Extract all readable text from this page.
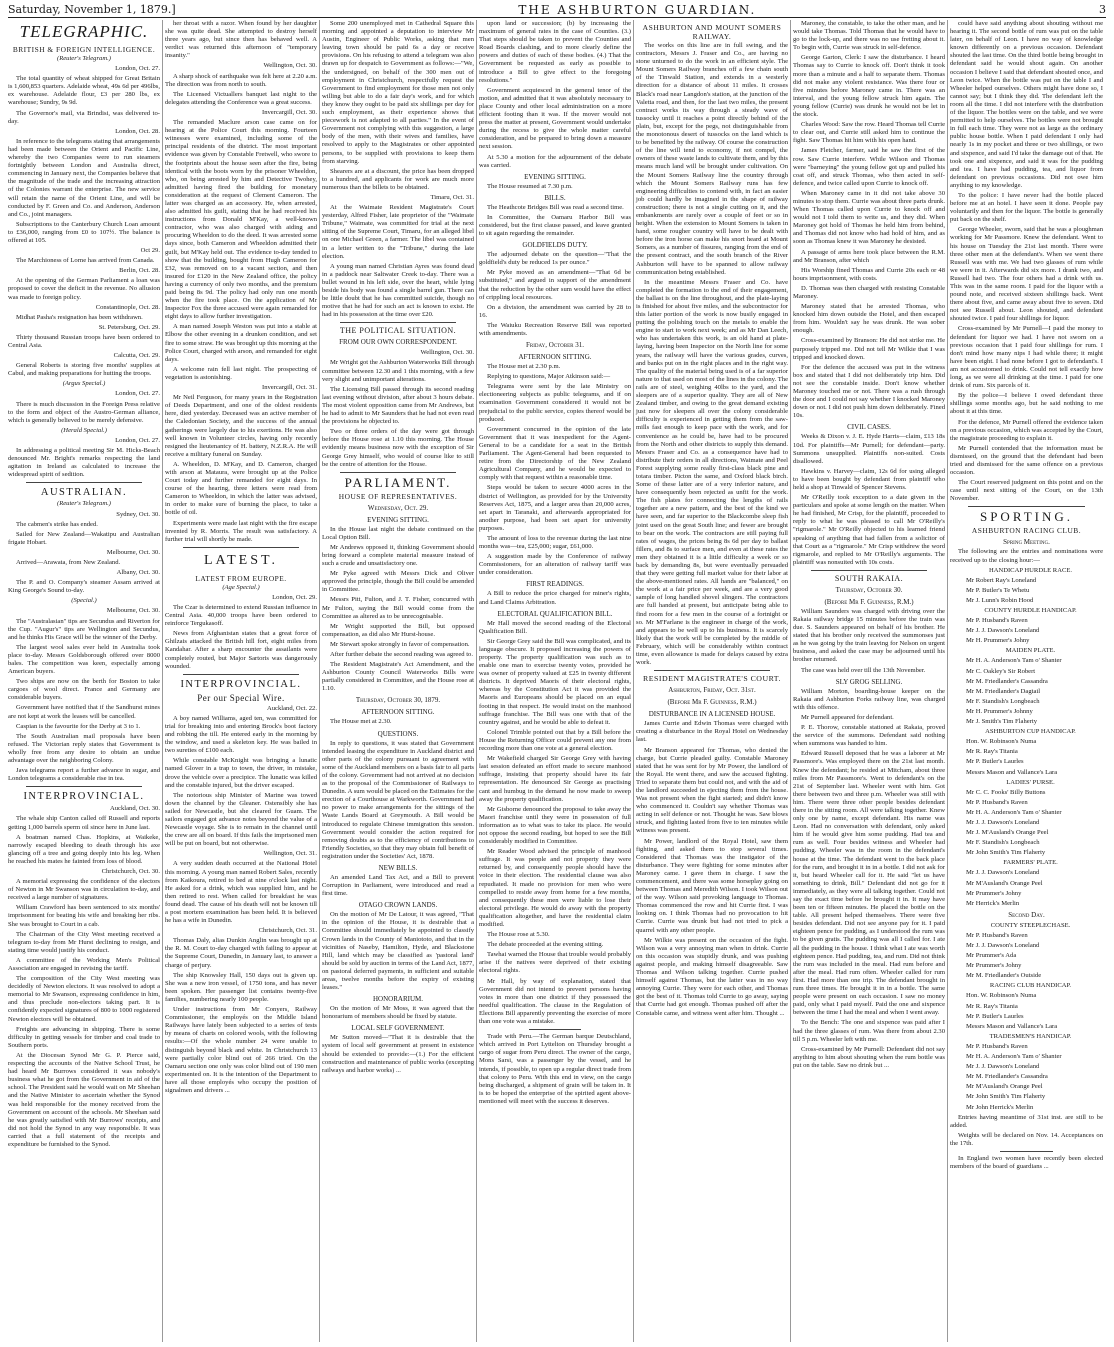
Saturday, November 1, 1879.]	THE ASHBURTON GUARDIAN.	3
TELEGRAPHIC.
BRITISH & FOREIGN INTELLIGENCE.

(Reuter's Telegram.)

London, Oct. 27.

The total quantity of wheat shipped for Great Britain is 1,600,853 quarters. Adelaide wheat, 49s 6d per 496lbs, ex warehouse. Adelaide flour, £3 per 280 lbs, ex warehouse; Sundry, 9s 9d.

The Governor's mail, via Brindisi, was delivered to-day.

London, Oct. 28.

In reference to the telegrams stating that arrangements had been made between the Orient and Pacific Line, whereby the two Companies were to run steamers fortnightly between London and Australia direct, commencing in January next, the Companies believe that the magnitude of the trade and the increasing attraction of the Colonies warrant the enterprise. The new service will retain the name of the Orient Line, and will be conducted by F. Green and Co. and Anderson, Anderson and Co., joint managers.

Subscriptions to the Canterbury Church Loan amount to £36,000, ranging from £0 to 107½. The balance is offered at 105.

Oct 29.

The Marchioness of Lorne has arrived from Canada.

Berlin, Oct. 28.

At the opening of the German Parliament a loan was proposed to cover the deficit in the revenue. No allusion was made to foreign policy.

Constantinople, Oct. 28.

Midhat Pasha's resignation has been withdrawn.

St. Petersburg, Oct. 29.

Thirty thousand Russian troops have been ordered to Central Asia.

Calcutta, Oct. 29.

General Roberts is storing five months' supplies at Cabul, and making preparations for hutting the troops.

(Argus Special.)

London, Oct. 27.

There is much discussion in the Foreign Press relative to the form and object of the Austro-German alliance, which is generally believed to be merely defensive.

(Herald Special.)

London, Oct. 27.

In addressing a political meeting Sir M. Hicks-Beach denounced Mr. Bright's remarks respecting the land agitation in Ireland as calculated to increase the widespread spirit of sedition.

AUSTRALIAN.

(Reuter's Telegram.)

Sydney, Oct. 30.

The cabmen's strike has ended.

Sailed for New Zealand—Wakatipu and Australian frigate Hobart.

Melbourne, Oct. 30.

Arrived—Arawata, from New Zealand.

Albany, Oct. 30.

The P. and O. Company's steamer Assam arrived at King George's Sound to-day.

(Special.)

Melbourne, Oct. 30.

The "Australasian" tips are Secundus and Riverton for the Cup. "Augur's" tips are Wellington and Secundus, and he thinks His Grace will be the winner of the Derby.

The largest wool sales ever held in Australia took place to-day. Messrs Goldsborough offered over 8000 bales. The competition was keen, especially among American buyers.

Two ships are now on the berth for Boston to take cargoes of wool direct. France and Germany are considerable buyers.

Government have notified that if the Sandhurst mines are not kept at work the leases will be cancelled.

Caspian is the favourite for the Derby at 3 to 1.

The South Australian mail proposals have been refused. The Victorian reply states that Government is wholly free from any desire to obtain an undue advantage over the neighboring Colony.

Java telegrams report a further advance in sugar, and London telegrams a considerable rise in tea.

INTERPROVINCIAL.

Auckland, Oct. 30.

The whale ship Canton called off Russell and reports getting 1,000 barrels sperm oil since here in June last.

A boatman named Chas. Hopkins, at Waikeke, narrowly escaped bleeding to death through his axe glancing off a tree and going deeply into his leg. When he reached his mates he fainted from loss of blood.

Christchurch, Oct. 30.

A memorial expressing the confidence of the electors of Newton in Mr Swanson was in circulation to-day, and received a large number of signatures.

William Crawford has been sentenced to six months' imprisonment for beating his wife and breaking her ribs. She was brought to Court in a cab.

The Chairman of the City West meeting received a telegram to-day from Mr Hurst declining to resign, and stating time would justify his conduct.

A committee of the Working Men's Political Association are engaged in revising the tariff.

The composition of the City West meeting was decidedly of Newton electors. It was resolved to adopt a memorial to Mr Swanson, expressing confidence in him, and thus preclude non-electors taking part. It is confidently expected signatures of 800 to 1000 registered Newton electors will be obtained.

Freights are advancing in shipping. There is some difficulty in getting vessels for timber and coal trade to Southern ports.

At the Diocesan Synod Mr G. P. Pierce said, respecting the accounts of the Native School Trust, he had heard Mr Burrows considered it was nobody's business what he got from the Government in aid of the school. The President said he would wait on Mr Sheehan and the Native Minister to ascertain whether the Synod was held responsible for the money received from the Government on account of the schools. Mr Sheehan said he was greatly satisfied with Mr Burrows' receipts, and did not hold the Synod in any way responsible. It was carried that a full statement of the receipts and expenditure be furnished to the Synod.

her throat with a razor. When found by her daughter she was quite dead. She attempted to destroy herself three years ago, but since then has behaved well. A verdict was returned this afternoon of "temporary insanity."

Wellington, Oct. 30.

A sharp shock of earthquake was felt here at 2.20 a.m. The direction was from north to south.

The Licensed Victuallers banquet last night to the delegates attending the Conference was a great success.

Invercargill, Oct. 30.

The remanded Maclure arson case came on for hearing at the Police Court this morning. Fourteen witnesses were examined, including some of the principal residents of the district. The most important evidence was given by Constable Fretwell, who swore to the footprints about the house seen after the fire, being identical with the boots worn by the prisoner Wheeldon, who, on being arrested by him and Detective Twohey, admitted having fired the building for monetary consideration at the request of Clement Cameron. The latter was charged as an accessory. He, when arrested, also admitted his guilt, stating that he had received his instructions from Donald M'Kay, a well-known contractor, who was also charged with aiding and procuring Wheeldon to do the deed. It was arrested some days since, both Cameron and Wheeldon admitted their guilt, but M'Kay held out. The evidence to-day tended to show that the building, bought from Hugh Cameron for £32, was removed on to a vacant section, and then insured for £120 in the New Zealand office, the policy having a currency of only two months, and the premium paid being 8s 9d. The policy had only run one month when the fire took place. On the application of Mr Inspector Fox the three accused were again remanded for eight days to allow further investigation.

A man named Joseph Weston was put into a stable at Elbow the other evening in a drunken condition, and set fire to some straw. He was brought up this morning at the Police Court, charged with arson, and remanded for eight days.

A welcome rain fell last night. The prospecting of vegetation is astonishing.

Invercargill, Oct. 31.

Mr Neil Ferguson, for many years in the Registration of Deeds Department, and one of the oldest residents here, died yesterday. Deceased was an active member of the Caledonian Society, and the success of the annual gatherings were largely due to his exertions. He was also well known in Volunteer circles, having only recently resigned the lieutenantcy of H. battery, N.Z.R.A. He will receive a military funeral on Sunday.

A. Wheeldon, D. M'Kay, and D. Cameron, charged with arson at Mataura, were brought up at the Police Court today and further remanded for eight days. In course of the hearing, three letters were read from Cameron to Wheeldon, in which the latter was advised, in order to make sure of burning the place, to take a bottle of oil.

Experiments were made last night with the fire escape invented by R. Morris. The result was satisfactory. A further trial will shortly be made.

LATEST.
LATEST FROM EUROPE.

(Age Special.)

London, Oct. 29.

The Czar is determined to extend Russian influence in Central Asia. 40,000 troops have been ordered to reinforce Tergukasoff.

News from Afghanistan states that a great force of Ghilzais attacked the British hill fort, eight miles from Kandahar. After a sharp encounter the assailants were completely routed, but Major Sartoris was dangerously wounded.

INTERPROVINCIAL.
Per our Special Wire.

Auckland, Oct. 22.

A boy named Williams, aged ten, was committed for trial for breaking into and entering Brock's boot factory and robbing the till. He entered early in the morning by the window, and used a skeleton key. He was bailed in two sureties of £100 each.

While constable McKnight was bringing a lunatic named Glover in a trap to town, the driver, in mistake, drove the vehicle over a precipice. The lunatic was killed and the constable injured, but the driver escaped.

The notorious ship Minister of Marine was towed down the channel by the Gleaner. Ostensibly she has sailed for Newcastle, but she cleared for Guam. The sailors engaged got advance notes beyond the value of a Newcastle voyage. She is to remain in the channel until the crew are all on board. If this fails the imprisoned men will be put on board, but not otherwise.

Wellington, Oct. 31.

A very sudden death occurred at the National Hotel this morning. A young man named Robert Sales, recently from Kaikoura, retired to bed at nine o'clock last night. He asked for a drink, which was supplied him, and he then retired to rest. When called for breakfast he was found dead. The cause of his death will not be known till a post mortem examination has been held. It is believed he has a wife in Dunedin.

Christchurch, Oct. 31.

Thomas Daly, alias Dunkin Anglin was brought up at the R. M. Court to-day charged with failing to appear at the Supreme Court, Dunedin, in January last, to answer a charge of perjury.

The ship Knowsley Hall, 150 days out is given up. She was a new iron vessel, of 1750 tons, and has never been spoken. Her passenger list contains twenty-five families, numbering nearly 100 people.

Under instructions from Mr Conyers, Railway Commissioner, the employés on the Middle Island Railways have lately been subjected to a series of tests by means of charts on colored wools, with the following results:—Of the whole number 24 were unable to distinguish beyond black and white. In Christchurch 13 were partially color blind out of 266 tried. On the Oamaru section one only was color blind out of 190 men experimented on. It is the intention of the Department to have all those employés who occupy the position of signalmen and drivers ...

Some 200 unemployed met in Cathedral Square this morning and appointed a deputation to interview Mr Austin, Engineer of Public Works, asking that men leaving town should be paid 6s a day or receive provisions. On his refusing to attend a telegram was also drawn up for despatch to Government as follows:—"We, the undersigned, on behalf of the 300 men out of employment in Christchurch, respectfully request the Government to find employment for those men not only willing but able to do a fair day's work, and for which they know they ought to be paid six shillings per day for such employment, as their experience shows that piecework is not adapted to all parties." In the event of Government not complying with this suggestion, a large body of the men, with their wives and families, have resolved to apply to the Magistrates or other appointed persons, to be supplied with provisions to keep them from starving.

Shearers are at a discount, the price has been dropped to a hundred, and applicants for work are much more numerous than the billets to be obtained.

Timaru, Oct. 31.

At the Waimate Resident Magistrate's Court yesterday, Alfred Fisher, late proprietor of the "Waimate Tribune," Waimate, was committed for trial at the next sitting of the Supreme Court, Timaru, for an alleged libel on one Michael Green, a farmer. The libel was contained in a letter written to the "Tribune," during the late election.

A young man named Christian Ayres was found dead in a paddock near Saltwater Creek to-day. There was a bullet wound in his left side, over the heart, while lying beside his body was found a single barrel gun. There can be little doubt that he has committed suicide, though no motive that he had for such an act is known to exist. He had in his possession at the time over £20.

THE POLITICAL SITUATION.
FROM OUR OWN CORRESPONDENT.

Wellington, Oct. 30.

Mr Wright got the Ashburton Waterworks Bill through committee between 12.30 and 1 this morning, with a few very slight and unimportant alterations.

The Licensing Bill passed through its second reading last evening without division, after about 3 hours debate. The most violent opposition came from Mr Andrews, but he had to admit to Mr Saunders that he had not even read the provisions he objected to.

Two or three orders of the day were got through before the House rose at 1.10 this morning. The House evidently means business now with the exception of Sir George Grey himself, who would of course like to still be the centre of attention for the House.

PARLIAMENT.
HOUSE OF REPRESENTATIVES.
Wednesday, Oct. 29.
EVENING SITTING.

In the House last night the debate continued on the Local Option Bill.

Mr Andrews opposed it, thinking Government should bring forward a complete material measure instead of such a crude and unsatisfactory one.

Mr Pyke agreed with Messrs Dick and Oliver approved the principle, though the Bill could be amended in Committee.

Messrs Pitt, Fulton, and J. T. Fisher, concurred with Mr Fulton, saying the Bill would come from the Committee as altered as to be unrecognisable.

Mr Wright supported the Bill, but opposed compensation, as did also Mr Hurst-house.

Mr Stewart spoke strongly in favor of compensation.

After further debate the second reading was agreed to.

The Resident Magistrate's Act Amendment, and the Ashburton County Council Waterworks Bills were partially considered in Committee, and the House rose at 1.10.

Thursday, October 30, 1879.
AFTERNOON SITTING.

The House met at 2.30.

QUESTIONS.

In reply to questions, it was stated that Government intended leasing the expenditure in Auckland district and other parts of the colony pursuant to agreement with some of the Auckland members on a basis fair to all parts of the colony. Government had not arrived at no decision as to the proposal of the Commissioner of Railways to Dunedin. A sum would be placed on the Estimates for the erection of a Courthouse at Warkworth. Government had no power to make arrangements for the sittings of the Waste Lands Board at Greymouth. A Bill would be introduced to regulate Chinese immigration this session. Government would consider the action required for removing doubts as to the efficiency of contributions to Friendly Societies, so that they may obtain full benefit of registration under the Societies' Act, 1878.

NEW BILLS.

An amended Land Tax Act, and a Bill to prevent Corruption in Parliament, were introduced and read a first time.

OTAGO CROWN LANDS.

On the motion of Mr De Latour, it was agreed, "That in the opinion of the House, it is desirable that a Committee should immediately be appointed to classify Crown lands in the County of Maniototo, and that in the vicinities of Naseby, Hamilton, Hyde, and Blackstone Hill, land which may be classified as 'pastoral land' should be sold by auction in terms of the Land Act, 1877, on pastoral deferred payments, in sufficient and suitable areas, twelve months before the expiry of existing leases."

HONORARIUM.

On the motion of Mr Moss, it was agreed that the honorarium of members should be fixed by statute.

LOCAL SELF GOVERNMENT.

Mr Sutton moved—"That it is desirable that the system of local self government at present in existence should be extended to provide:—(1.) For the efficient construction and maintenance of public works (excepting railways and harbor works) ...

upon land or succession; (b) by increasing the maximum of general rates in the case of Counties. (3.) That steps should be taken to prevent the Counties and Road Boards clashing, and to more clearly define the powers and duties of each of these bodies. (4.) That the Government be requested as early as possible to introduce a Bill to give effect to the foregoing resolutions."

Government acquiesced in the general tenor of the motion, and admitted that it was absolutely necessary to place County and other local administration on a more efficient footing than it was. If the mover would not press the matter at present, Government would undertake during the recess to give the whole matter careful consideration, and be prepared to bring down a measure next session.

At 5.30 a motion for the adjournment of the debate was carried.

EVENING SITTING.

The House resumed at 7.30 p.m.

BILLS.

The Heathcote Bridges Bill was read a second time.

In Committee, the Oamaru Harbor Bill was considered, but the first clause passed, and leave granted to sit again regarding the remainder.

GOLDFIELDS DUTY.

The adjourned debate on the question—"That the goldfield's duty be reduced 1s per ounce."

Mr Pyke moved as an amendment—"That 6d be substituted," and argued in support of the amendment that the reduction by the other sum would have the effect of crippling local resources.

On a division, the amendment was carried by 28 to 16.

The Waiuku Recreation Reserve Bill was reported with amendments.

Friday, October 31.
AFTERNOON SITTING.

The House met at 2.30 p.m.

Replying to questions, Major Atkinson said:—

Telegrams were sent by the late Ministry on electioneering subjects as public telegrams, and if on examination Government considered it would not be prejudicial to the public service, copies thereof would be produced.

Government concurred in the opinion of the late Government that it was inexpedient for the Agent-General to be a candidate for a seat in the British Parliament. The Agent-General had been requested to retire from the Directorship of the New Zealand Agricultural Company, and he would be expected to comply with that request within a reasonable time.

Steps would be taken to secure 4000 acres in the district of Wellington, as provided for by the University Reserves Act, 1875, and a larger area than 20,000 acres, set apart in Taranaki, and afterwards appropriated for another purpose, had been set apart for university purposes.

The amount of loss to the revenue during the last nine months was—tea, £25,000; sugar, £61,000.

A suggestion made by the Conference of railway Commissioners, for an alteration of railway tariff was under consideration.

FIRST READINGS.

A Bill to reduce the price charged for miner's rights, and Land Claims Arbitration.

ELECTORAL QUALIFICATION BILL.

Mr Hall moved the second reading of the Electoral Qualification Bill.

Sir George Grey said the Bill was complicated, and its language obscure. It proposed increasing the powers of property. The property qualification was such as to enable one man to exercise twenty votes, provided he was owner of property valued at £25 in twenty different districts. It deprived Maoris of their electoral rights, whereas by the Constitution Act it was provided the Maoris and Europeans should be placed on an equal footing in that respect. He would insist on the manhood suffrage franchise. The Bill was one with that of the country against, and he would be able to defeat it.

Colonel Trimble pointed out that by a Bill before the House the Returning Officer could prevent any one from recording more than one vote at a general election.

Mr Wakefield charged Sir George Grey with having last session defeated an effort made to secure manhood suffrage, insisting that property should have its fair representation. He denounced Sir George as practising cant and humbug in the demand he now made to sweep away the property qualification.

Mr Gisborne denounced the proposal to take away the Maori franchise until they were in possession of full information as to what was to take its place. He would not oppose the second reading, but hoped to see the Bill considerably modified in Committee.

Mr Reader Wood advised the principle of manhood suffrage. It was people and not property they were returned by, and consequently people should have the voice in their election. The residential clause was also repudiated. It made no provision for men who were compelled to reside away from home for a few months, and consequently these men were liable to lose their electoral privilege. He would do away with the property qualification altogether, and have the residential claim modified.

The House rose at 5.30.

The debate proceeded at the evening sitting.

Tawhai warned the House that trouble would probably arise if the natives were deprived of their existing electoral rights.

Mr Hall, by way of explanation, stated that Government did not intend to prevent persons having votes in more than one district if they possessed the needful qualification. The clause in the Regulation of Elections Bill apparently preventing the exercise of more than one vote was a mistake.

Trade with Peru.—The German barque Deutschland, which arrived in Port Lyttelton on Thursday brought a cargo of sugar from Peru direct. The owner of the cargo, Mons Sarsi, was a passenger by the vessel, and he intends, if possible, to open up a regular direct trade from that colony to Peru. With this end in view, on the cargo being discharged, a shipment of grain will be taken in. It is to be hoped the enterprise of the spirited agent above-mentioned will meet with the success it deserves.

ASHBURTON AND MOUNT SOMERS RAILWAY.

The works on this line are in full swing, and the contractors, Messrs J. Fraser and Co., are having no stone unturned to do the work in an efficient style. The Mount Somers Railway branches off a few chain south of the Tinwald Station, and extends in a westerly direction for a distance of about 11 miles. It crosses Black's road near Langdon's station, at the junction of the Valetta road, and then, for the last two miles, the present contract works its way through a steady wave of tussocky until it reaches a point directly behind of the plain, but, except for the pegs, not distinguishable from the monotonous desert of tussocks on the land which is to be benefited by the railway. Of course the construction of the line will tend to economy, if not compel, the owners of these waste lands to cultivate them, and by this means much land will be brought under cultivation. On the Mount Somers Railway line the country through which the Mount Somers Railway runs has few engineering difficulties to contend with, in fact an easier job could hardly be imagined in the shape of railway construction; there is not a single cutting on it, and the embankments are rarely over a couple of feet or so in height. When the extension to Mount Somers is taken in hand, some rougher country will have to be dealt with before the iron horse can make his snort heard at Mount Somers, as a number of fissures, ranging from the end of the present contract, and the south branch of the River Ashburton will have to be spanned to allow railway communication being established.

In the meantime Messrs Fraser and Co. have completed the formation to the end of their engagement, the ballast is on the line throughout, and the plate-laying is finished for about five miles, and the subcontractor for this latter portion of the work is now busily engaged in putting the polishing touch on the metals to enable the engine to start to work next week; and as Mr Dan Leech, who has undertaken this work, is an old hand at plate-laying, having been Inspector on the North line for some years, the railway will have the various grades, curves, and banks put on in the right places and in the right way. The quality of the material being used is of a far superior nature to that used on most of the lines in the colony. The rails are of steel, weighing 40lbs to the yard, and the sleepers are of a superior quality. They are all of New Zealand timber, and owing to the great demand existing just now for sleepers all over the colony considerable difficulty is experienced in getting them from the saw-mills fast enough to keep pace with the work, and for convenience as he could be, have had to be procured from the North and other districts to supply this demand. Messrs Fraser and Co. as a consequence have had to distribute their orders in all directions, Waimate and Peel Forest supplying some really first-class black pine and totara timber. Picton the same, and Oxford black birch. Some of these latter are of a very inferior nature, and have consequently been rejected as unfit for the work. The fish plates for connecting the lengths of rails together are a new pattern, and the best of the kind we have seen, and far superior to the Blackcombe sleep fish joint used on the great South line; and fewer are brought to bear on the work. The contractors are still paying full rates of wages, the prices being 8s 6d per day to ballast fillers, and 8s to surface men, and even at these rates the men they obtained it is a little difficulty a week or so back by demanding 8s, but were eventually persuaded that they were getting full market value for their labor at the above-mentioned rates. All hands are "balanced," on the work at a fair price per week, and are a very good sample of long handled shovel slingers. The contractors are full handed at present, but anticipate being able to find room for a few men in the course of a fortnight or so. Mr M'Farlane is the engineer in charge of the work, and appears to be well up to his business. It is scarcely likely that the work will be completed by the middle of February, which will be considerably within contract time, even allowance is made for delays caused by extra work.

RESIDENT MAGISTRATE'S COURT.
Ashburton, Friday, Oct. 31st.
(Before Mr F. Guinness, R.M.)
DISTURBANCE IN A LICENSED HOUSE.

James Currie and Edwin Thomas were charged with creating a disturbance in the Royal Hotel on Wednesday last.

Mr Branson appeared for Thomas, who denied the charge, but Currie pleaded guilty. Constable Maroney stated that he was sent for by Mr Power, the landlord of the Royal. He went there, and saw the accused fighting. Tried to separate them but could not, and with the aid of the landlord succeeded in ejecting them from the house. Was not present when the fight started; and didn't know who commenced it. Couldn't say whether Thomas was acting in self defence or not. Thought he was. Saw blows struck, and fighting lasted from five to ten minutes while witness was present.

Mr Power, landlord of the Royal Hotel, saw them fighting, and asked them to stop several times. Considered that Thomas was the instigator of the disturbance. They were fighting for some minutes after Maroney came. I gave them in charge. I saw the commencement, and there was some horseplay going on between Thomas and Meredith Wilson. I took Wilson out of the way. Wilson said provoking language to Thomas. Thomas commenced the row and hit Currie first. I was looking on. I think Thomas had no provocation to hit Currie. Currie was drunk but had not tried to pick a quarrel with any other people.

Mr Wilkie was present on the occasion of the fight. Wilson was a very annoying man when in drink. Currie on this occasion was stupidly drunk, and was pushing against people, and making himself disagreeable. Saw Thomas and Wilson talking together. Currie pushed himself against Thomas, but the latter was in no way annoying Currie. They were for each other, and Thomas got the best of it. Thomas told Currie to go away, saying that Currie had got enough. Thomas pushed off after the Constable came, and witness went after him. Thought ...

Maroney, the constable, to take the other man, and he would take Thomas. Told Thomas that he would have to go to the lock-up, and there was no use fretting about it. To begin with, Currie was struck in self-defence.

George Garton, Clerk: I saw the disturbance. I heard Thomas say to Currie to knock off. Don't think it took more than a minute and a half to separate them. Thomas did not make any violent resistance. Was there four or five minutes before Maroney came in. There was an interval, and the young fellow struck him again. The young fellow (Currie) was drunk he would not be let in the stock.

Charles Wood: Saw the row. Heard Thomas tell Currie to clear out, and Currie still asked him to continue the fight. Saw Thomas hit him with his open hand.

James Fletcher, farmer, said he saw the first of the row. Saw Currie interfere. While Wilson and Thomas were "barneying" the young fellow got up and pulled his coat off, and struck Thomas, who then acted in self-defence, and twice called upon Currie to knock off.

When Maroney came in it did not take above 30 minutes to stop them. Currie was about three parts drunk. When Thomas called upon Currie to knock off and would not I told them to write us, and they did. When Maroney got hold of Thomas he held him from behind, and Thomas did not know who had hold of him, and as soon as Thomas knew it was Maroney he desisted.

A passage of arms here took place between the R.M. and Mr Branson, after which

His Worship fined Thomas and Currie 20s each or 48 hours imprisonment, with costs.

D. Thomas was then charged with resisting Constable Maroney.

Maroney stated that he arrested Thomas, who knocked him down outside the Hotel, and then escaped from him. Wouldn't say he was drunk. He was sober enough.

Cross-examined by Branson: He did not strike me. He purposely tripped me. Did not tell Mr Wilkie that I was tripped and knocked down.

For the defence the accused was put in the witness box and stated that I did not deliberately trip him. Did not see the constable inside. Don't know whether Maroney touched me or not. There was a rush through the door and I could not say whether I knocked Maroney down or not. I did not push him down deliberately. Fined 10s.

CIVIL CASES.

Weeks & Dixon v. J. E. Hyde Harris—claim, £13 18s 10d. For plaintiffs—Mr Purnell; for defendant—party. Summons unsupplied. Plaintiffs non-suited. Costs disallowed.

Hawkins v. Harvey—claim, 12s 6d for using alleged to have been bought by defendant from plaintiff who held a shop at Tinwald of Spencer Stevens.

Mr O'Reilly took exception to a date given in the particulars and spoke at some length on the matter. When he had finished, Mr Crisp, for the plaintiff, proceeded to reply to what he was pleased to call Mr O'Reilly's "rigmarole." Mr O'Reilly objected to his learned friend speaking of anything that had fallen from a solicitor of that Court as a "rigmarole." Mr Crisp withdrew the word rigmarole, and replied to Mr O'Reilly's arguments. The plaintiff was nonsuited with 10s costs.

SOUTH RAKAIA.
Thursday, October 30.
(Before Mr F. Guinness, R.M.)

William Saunders was charged with driving over the Rakaia railway bridge 15 minutes before the train was due. S. Saunders appeared on behalf of his brother. He stated that his brother only received the summonses just as he was going by the train leaving for Nelson on urgent business, and asked the case may be adjourned until his brother returned.

The case was held over till the 13th November.

SLY GROG SELLING.

William Morton, boarding-house keeper on the Rakaia and Ashburton Forks railway line, was charged with this offence.

Mr Purnell appeared for defendant.

P. E. Thorow, constable stationed at Rakaia, proved the service of the summons. Defendant said nothing when summons was handed to him.

Edward Russell deposed that he was a laborer at Mr Passmore's. Was employed there on the 21st last month. Knew the defendant; he resided at Mitcham, about three miles from Mr Passmore's. Went to defendant's on the 21st of September last. Wheeler went with him. Got there between two and three p.m. Wheeler was still with him. There were three other people besides defendant there in the sitting room. All were talking together. Knew only one by name, except defendant. His name was Leon. Had no conversation with defendant, only asked him if he would give him some pudding. Had tea and rum as well. Four besides witness and Wheeler had pudding. Wheeler was in the room in the defendant's house at the time. The defendant went to the back place for the rum, and brought it in in a bottle. I did not ask for it, but heard Wheeler call for it. He said "let us have something to drink, Bill." Defendant did not go for it immediately, as they were all talking together. Could not say the exact time before he brought it in. It may have been ten or fifteen minutes. He placed the bottle on the table. All present helped themselves. There were five besides defendant. Did not see anyone pay for it. I paid eighteen pence for pudding, as I understood the rum was to be given gratis. The pudding was all I called for. I ate all the pudding in the house. I think what I ate was worth eighteen pence. Had pudding, tea, and rum. Did not think the rum was included in the meal. Had rum before and after the meal. Had rum often. Wheeler called for rum first. Had more than one trip. The defendant brought in rum three times. He brought it in in a bottle. The same people were present on each occasion. I saw no money paid, only what I paid myself. Paid the one and sixpence between the time I had the meal and when I went away.

To the Bench: The one and sixpence was paid after I had the three glasses of rum. Was there from about 2.30 till 5 p.m. Wheeler left with me.

Cross-examined by Mr Purnell: Defendant did not say anything to him about shouting when the rum bottle was put on the table. Saw no drink but ...

could have said anything about shouting without me hearing it. The second bottle of rum was put on the table later, on behalf of Leon. I have no way of knowledge known differently on a previous occasion. Defendant shouted the last time. On the third bottle being brought in defendant said he would shout again. On another occasion I believe I said that defendant shouted once, and Leon twice. When the bottle was put on the table I and Wheeler helped ourselves. Others might have done so, I cannot say; but I think they did. The defendant left the room all the time. I did not interfere with the distribution of the liquor. The bottles were on the table, and we were permitted to help ourselves. The bottles were not brought in full each time. They were not as large as the ordinary public house bottle. When I paid defendant I only had nearly 1s in my pocket and three or two shillings, or two and sixpence, and said I'd take the damage out of that. He took one and sixpence, and said it was for the pudding and tea. I have had pudding, tea, and liquor from defendant on previous occasions. Did not owe him anything to my knowledge.

To the police: I have never had the bottle placed before me at an hotel. I have seen it done. People pay voluntarily and then for the liquor. The bottle is generally put back on the shelf.

George Wheeler, sworn, said that he was a ploughman working for Mr Passmore. Knew the defendant. Went to his house on Tuesday the 21st last month. There were three other men at the defendant's. When we went there Russell was with me. We had two glasses of rum while we were in it. Afterwards did six more. I drank two, and Russell had two. The four others had a drink with us. This was in the same room. I paid for the liquor with a pound note, and received sixteen shillings back. Went there about five, and came away about five to seven. Did not see Russell about. Leon shouted, and defendant shouted twice. I paid four shillings for liquor.

Cross-examined by Mr Purnell—I paid the money to defendant for liquor we had. I have not sworn on a previous occasion that I paid four shillings for rum. I don't mind how many nips I had while there; it might have been eight. I had none before I got to defendant's. I am not accustomed to drink. Could not tell exactly how long, as we were all drinking at the time. I paid for one drink of rum. Six parcels of it.

By the police—I believe I owed defendant three shillings some months ago, but he said nothing to me about it at this time.

For the defence, Mr Purnell offered the evidence taken on a previous occasion, which was accepted by the Court, the magistrate proceeding to explain it.

Mr Purnell contended that the information must be dismissed, on the ground that the defendant had been tried and dismissed for the same offence on a previous occasion.

The Court reserved judgment on this point and on the case until next sitting of the Court, on the 13th November.

SPORTING.
ASHBURTON RACING CLUB.
Spring Meeting.

The following are the entries and nominations were received up to the closing hour:—

HANDICAP HURDLE RACE.

Mr Robert Ray's Loneland

Mr P. Butler's Te Whetu

Mr J. Lunn's Robin Hood

COUNTY HURDLE HANDICAP.

Mr P. Husband's Raven

Mr J. J. Dawson's Loneland

Mr H. Prummer's Johny

MAIDEN PLATE.

Mr H. A. Anderson's Tam o' Shanter

Mr C. Oakley's Sir Robert

Mr M. Friedlander's Cassandra

Mr M. Friedlander's Dagtail

Mr F. Standish's Longbeach

Mr H. Prummer's Johnny

Mr J. Smith's Tim Flaherty

ASHBURTON CUP HANDICAP.

Hon. W. Robinson's Numa

Mr R. Ray's Titania

Mr P. Butler's Laurles

Messrs Mason and Vallance's Lara

LADIES' PURSE.

Mr C. C. Fooks' Billy Buttons

Mr P. Husband's Raven

Mr H. A. Anderson's Tam o' Shanter

Mr J. J. Dawson's Loneland

Mr J. M'Ausland's Orange Peel

Mr F. Standish's Longbeach

Mr John Smith's Tim Flaherty

FARMERS' PLATE.

Mr J. J. Dawson's Loneland

Mr M'Ausland's Orange Peel

Mr Prummer's Johny

Mr Herrick's Merlin

Second Day.

COUNTY STEEPLECHASE.

Mr P. Husband's Raven

Mr J. J. Dawson's Loneland

Mr Prummer's Ada

Mr Prummer's Johny

Mr M. Friedlander's Outside

RACING CLUB HANDICAP.

Hon. W. Robinson's Numa

Mr R. Ray's Titania

Mr P. Butler's Laurles

Messrs Mason and Vallance's Lara

TRADESMEN'S HANDICAP.

Mr P. Husband's Raven

Mr H. A. Anderson's Tam o' Shanter

Mr J. J. Dawson's Loneland

Mr M. Friedlander's Cassandra

Mr M'Ausland's Orange Peel

Mr John Smith's Tim Flaherty

Mr John Herrick's Merlin

Entries having meantime of 31st inst. are still to be added.

Weights will be declared on Nov. 14. Acceptances on the 17th.

In England two women have recently been elected members of the board of guardians ...
